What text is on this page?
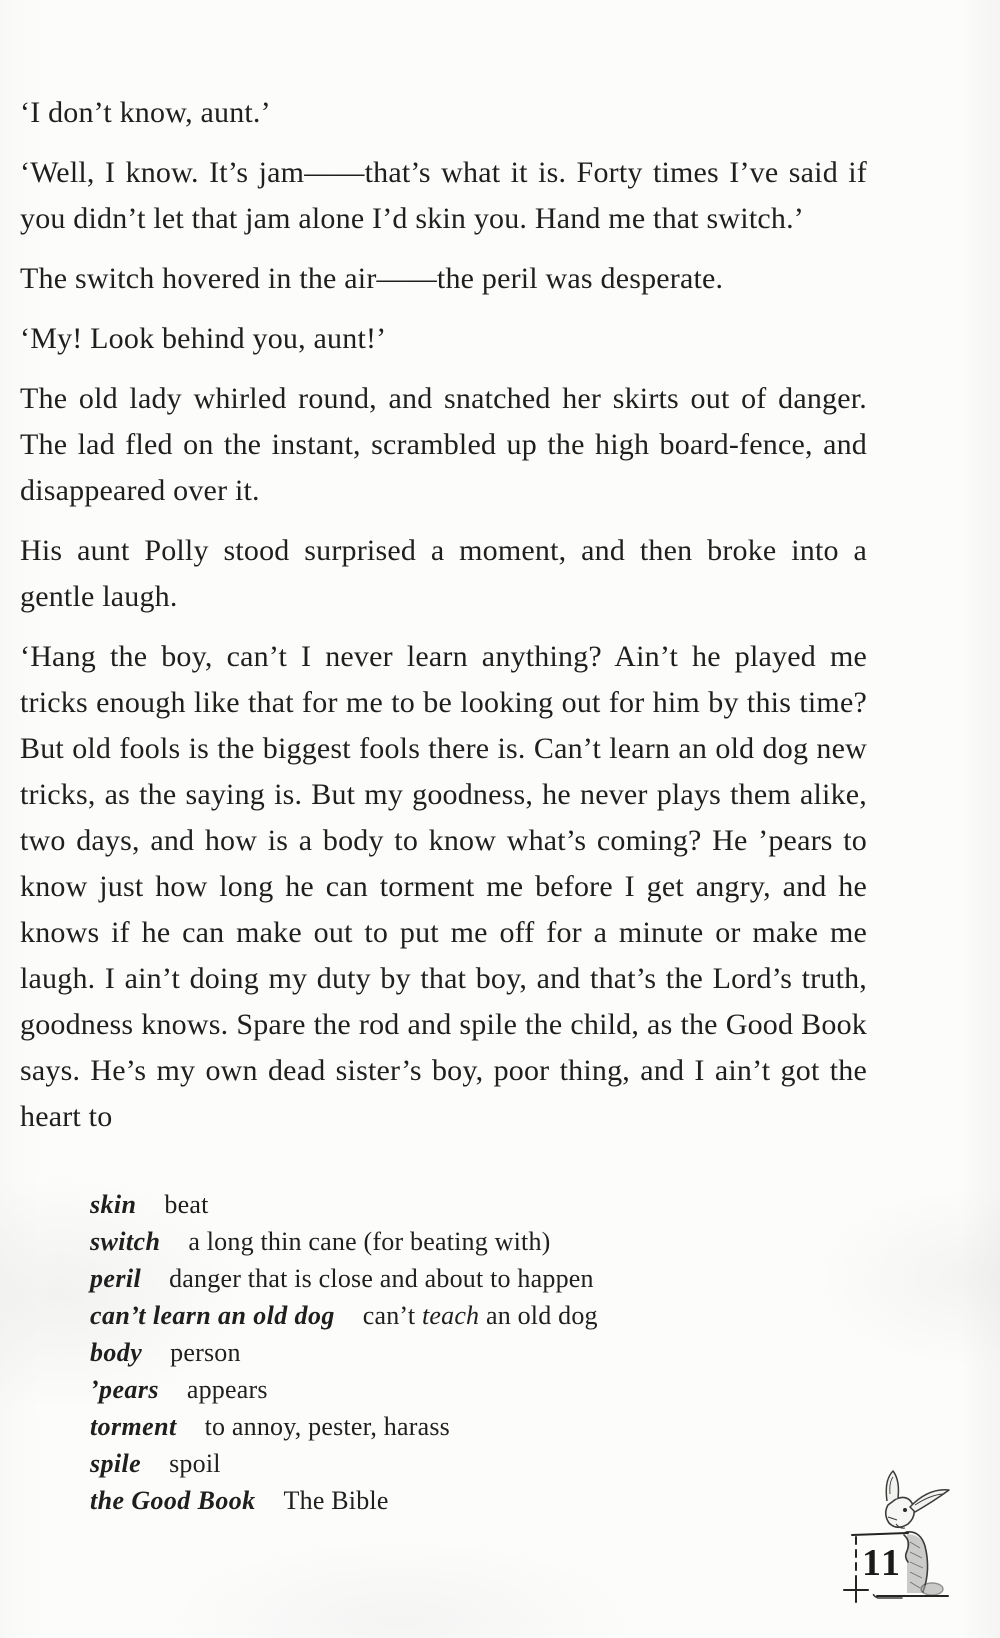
‘I don’t know, aunt.’

‘Well, I know. It’s jam——that’s what it is. Forty times I’ve said if you didn’t let that jam alone I’d skin you. Hand me that switch.’

The switch hovered in the air——the peril was desperate.

‘My! Look behind you, aunt!’

The old lady whirled round, and snatched her skirts out of danger. The lad fled on the instant, scrambled up the high board-fence, and disappeared over it.

His aunt Polly stood surprised a moment, and then broke into a gentle laugh.

‘Hang the boy, can’t I never learn anything? Ain’t he played me tricks enough like that for me to be looking out for him by this time? But old fools is the biggest fools there is. Can’t learn an old dog new tricks, as the saying is. But my goodness, he never plays them alike, two days, and how is a body to know what’s coming? He ’pears to know just how long he can torment me before I get angry, and he knows if he can make out to put me off for a minute or make me laugh. I ain’t doing my duty by that boy, and that’s the Lord’s truth, goodness knows. Spare the rod and spile the child, as the Good Book says. He’s my own dead sister’s boy, poor thing, and I ain’t got the heart to

skin beat
switch a long thin cane (for beating with)
peril danger that is close and about to happen
can’t learn an old dog can’t teach an old dog
body person
’pears appears
torment to annoy, pester, harass
spile spoil
the Good Book The Bible
11
